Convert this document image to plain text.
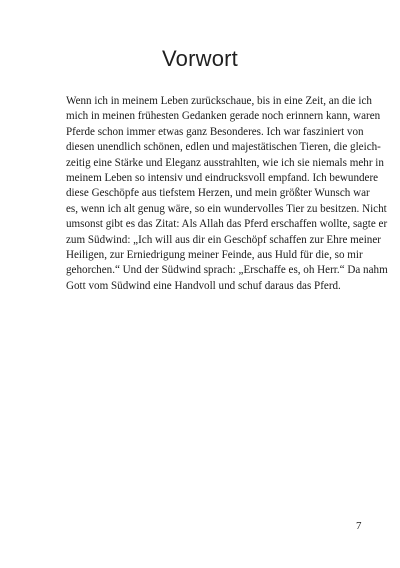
Vorwort
Wenn ich in meinem Leben zurückschaue, bis in eine Zeit, an die ich
mich in meinen frühesten Gedanken gerade noch erinnern kann, waren
Pferde schon immer etwas ganz Besonderes. Ich war fasziniert von
diesen unendlich schönen, edlen und majestätischen Tieren, die gleich-
zeitig eine Stärke und Eleganz ausstrahlten, wie ich sie niemals mehr in
meinem Leben so intensiv und eindrucksvoll empfand. Ich bewundere
diese Geschöpfe aus tiefstem Herzen, und mein größter Wunsch war
es, wenn ich alt genug wäre, so ein wundervolles Tier zu besitzen. Nicht
umsonst gibt es das Zitat: Als Allah das Pferd erschaffen wollte, sagte er
zum Südwind: „Ich will aus dir ein Geschöpf schaffen zur Ehre meiner
Heiligen, zur Erniedrigung meiner Feinde, aus Huld für die, so mir
gehorchen.“ Und der Südwind sprach: „Erschaffe es, oh Herr.“ Da nahm
Gott vom Südwind eine Handvoll und schuf daraus das Pferd.
7
